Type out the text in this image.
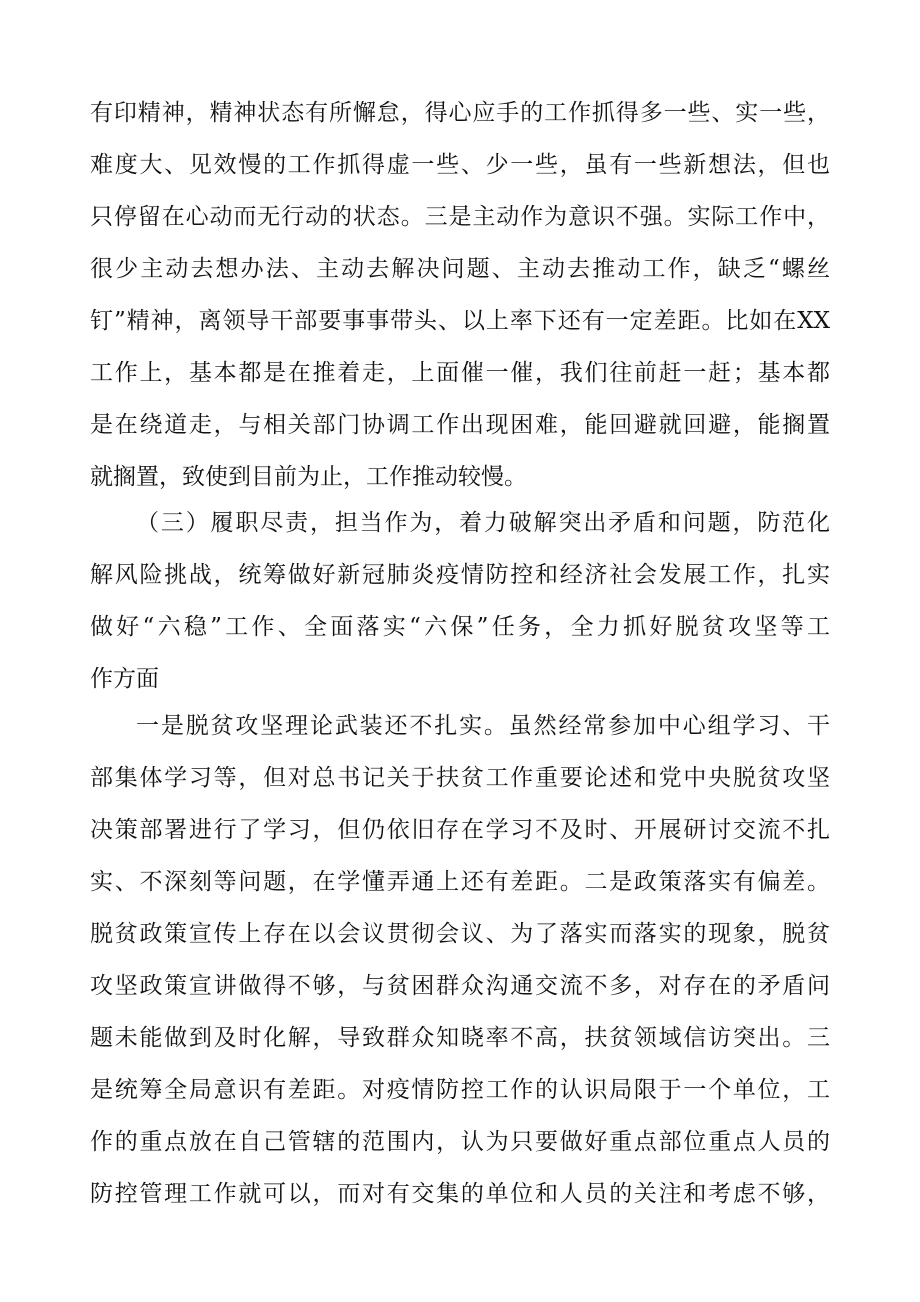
有印精神，精神状态有所懈怠，得心应手的工作抓得多一些、实一些，
难度大、见效慢的工作抓得虚一些、少一些，虽有一些新想法，但也
只停留在心动而无行动的状态。三是主动作为意识不强。实际工作中，
很少主动去想办法、主动去解决问题、主动去推动工作，缺乏“螺丝
钉”精神，离领导干部要事事带头、以上率下还有一定差距。比如在XX
工作上，基本都是在推着走，上面催一催，我们往前赶一赶；基本都
是在绕道走，与相关部门协调工作出现困难，能回避就回避，能搁置
就搁置，致使到目前为止，工作推动较慢。
（三）履职尽责，担当作为，着力破解突出矛盾和问题，防范化
解风险挑战，统筹做好新冠肺炎疫情防控和经济社会发展工作，扎实
做好“六稳”工作、全面落实“六保”任务，全力抓好脱贫攻坚等工
作方面
一是脱贫攻坚理论武装还不扎实。虽然经常参加中心组学习、干
部集体学习等，但对总书记关于扶贫工作重要论述和党中央脱贫攻坚
决策部署进行了学习，但仍依旧存在学习不及时、开展研讨交流不扎
实、不深刻等问题，在学懂弄通上还有差距。二是政策落实有偏差。
脱贫政策宣传上存在以会议贯彻会议、为了落实而落实的现象，脱贫
攻坚政策宣讲做得不够，与贫困群众沟通交流不多，对存在的矛盾问
题未能做到及时化解，导致群众知晓率不高，扶贫领域信访突出。三
是统筹全局意识有差距。对疫情防控工作的认识局限于一个单位，工
作的重点放在自己管辖的范围内，认为只要做好重点部位重点人员的
防控管理工作就可以，而对有交集的单位和人员的关注和考虑不够，
